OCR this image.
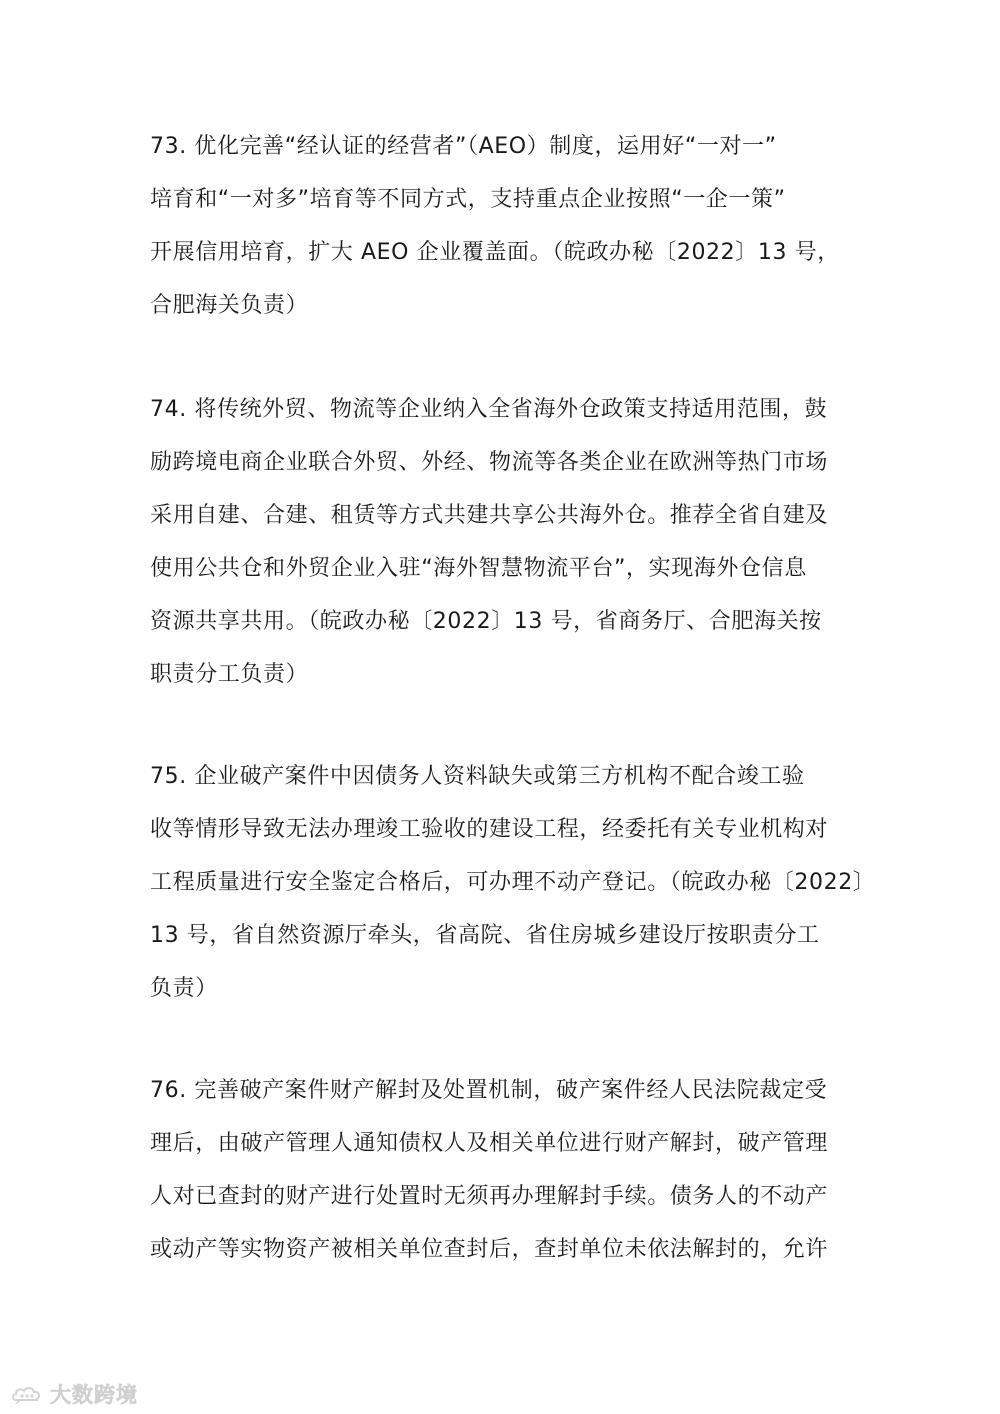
73. 优化完善“经认证的经营者”（AEO）制度，运用好“一对一”
培育和“一对多”培育等不同方式，支持重点企业按照“一企一策”
开展信用培育，扩大 AEO 企业覆盖面。（皖政办秘〔2022〕13 号，
合肥海关负责）
74. 将传统外贸、物流等企业纳入全省海外仓政策支持适用范围，鼓
励跨境电商企业联合外贸、外经、物流等各类企业在欧洲等热门市场
采用自建、合建、租赁等方式共建共享公共海外仓。推荐全省自建及
使用公共仓和外贸企业入驻“海外智慧物流平台”，实现海外仓信息
资源共享共用。（皖政办秘〔2022〕13 号，省商务厅、合肥海关按
职责分工负责）
75. 企业破产案件中因债务人资料缺失或第三方机构不配合竣工验
收等情形导致无法办理竣工验收的建设工程，经委托有关专业机构对
工程质量进行安全鉴定合格后，可办理不动产登记。（皖政办秘〔2022〕
13 号，省自然资源厅牵头，省高院、省住房城乡建设厅按职责分工
负责）
76. 完善破产案件财产解封及处置机制，破产案件经人民法院裁定受
理后，由破产管理人通知债权人及相关单位进行财产解封，破产管理
人对已查封的财产进行处置时无须再办理解封手续。债务人的不动产
或动产等实物资产被相关单位查封后，查封单位未依法解封的，允许
大数跨境
